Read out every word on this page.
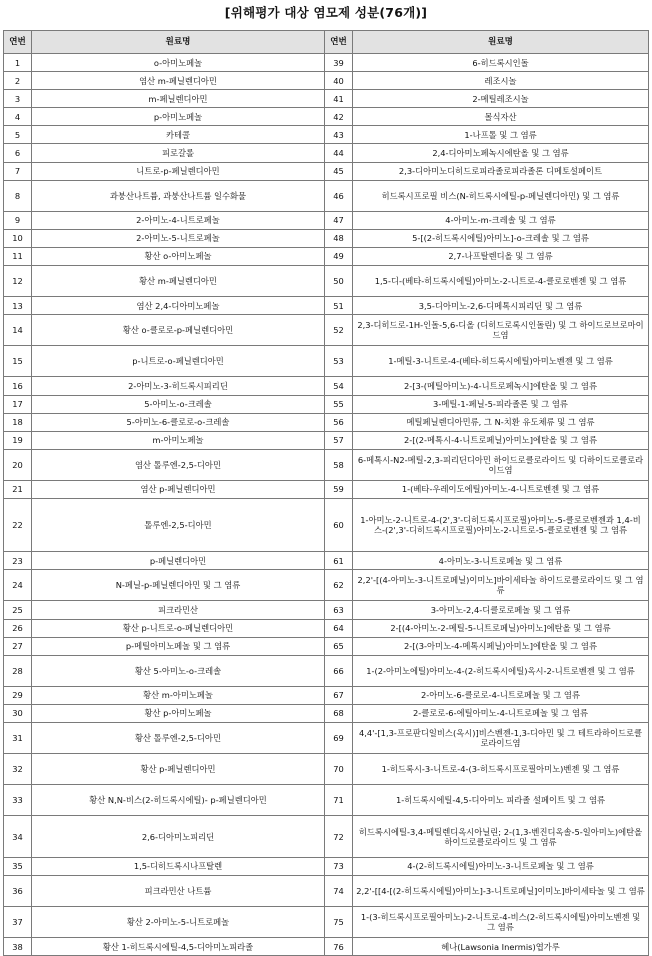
[위해평가 대상 염모제 성분(76개)]
연번	원료명	연번	원료명
1	o-아미노페놀	39	6-히드록시인돌
2	염산 m-페닐렌디아민	40	레조시놀
3	m-페닐렌디아민	41	2-메틸레조시놀
4	p-아미노페놀	42	몰식자산
5	카테콜	43	1-나프톨 및 그 염류
6	피로갈롤	44	2,4-디아미노페녹시에탄올 및 그 염류
7	니트로-p-페닐렌디아민	45	2,3-디아미노디히드로피라졸로피라졸론 디메토설페이트
8	과붕산나트륨, 과붕산나트륨 일수화물	46	히드록시프로필 비스(N-히드록시에틸-p-페닐렌디아민) 및 그 염류
9	2-아미노-4-니트로페놀	47	4-아미노-m-크레솔 및 그 염류
10	2-아미노-5-니트로페놀	48	5-[(2-히드록시에틸)아미노]-o-크레솔 및 그 염류
11	황산 o-아미노페놀	49	2,7-나프탈렌디올 및 그 염류
12	황산 m-페닐렌디아민	50	1,5-디-(베타-히드록시에틸)아미노-2-니트로-4-클로로벤젠 및 그 염류
13	염산 2,4-디아미노페놀	51	3,5-디아미노-2,6-디메톡시피리딘 및 그 염류
14	황산 o-클로로-p-페닐렌디아민	52	2,3-디히드로-1H-인돌-5,6-디올 (디히드로록시인돌린) 및 그 하이드로브로마이드염
15	p-니트로-o-페닐렌디아민	53	1-메틸-3-니트로-4-(베타-히드록시에틸)아미노벤젠 및 그 염류
16	2-아미노-3-히드록시피리딘	54	2-[3-(메틸아미노)-4-니트로페녹시]에탄올 및 그 염류
17	5-아미노-o-크레솔	55	3-메틸-1-페닐-5-피라졸론 및 그 염류
18	5-아미노-6-클로로-o-크레솔	56	메틸페닐렌디아민류, 그 N-치환 유도체류 및 그 염류
19	m-아미노페놀	57	2-[(2-메톡시-4-니트로페닐)아미노]에탄올 및 그 염류
20	염산 톨루엔-2,5-디아민	58	6-메톡시-N2-메틸-2,3-피리딘디아민 하이드로클로라이드 및 디하이드로클로라이드염
21	염산 p-페닐렌디아민	59	1-(베타-우레이도에틸)아미노-4-니트로벤젠 및 그 염류
22	톨루엔-2,5-디아민	60	1-아미노-2-니트로-4-(2',3'-디히드록시프로필)아미노-5-클로로벤젠과 1,4-비스-(2',3'-디히드록시프로필)아미노-2-니트로-5-클로로벤젠 및 그 염류
23	p-페닐렌디아민	61	4-아미노-3-니트로페놀 및 그 염류
24	N-페닐-p-페닐렌디아민 및 그 염류	62	2,2'-[(4-아미노-3-니트로페닐)이미노]바이세타놀 하이드로클로라이드 및 그 염류
25	피크라민산	63	3-아미노-2,4-디클로로페놀 및 그 염류
26	황산 p-니트로-o-페닐렌디아민	64	2-[(4-아미노-2-메틸-5-니트로페닐)아미노]에탄올 및 그 염류
27	p-메틸아미노페놀 및 그 염류	65	2-[(3-아미노-4-메톡시페닐)아미노]에탄올 및 그 염류
28	황산 5-아미노-o-크레솔	66	1-(2-아미노에틸)아미노-4-(2-히드록시에틸)옥시-2-니트로벤젠 및 그 염류
29	황산 m-아미노페놀	67	2-아미노-6-클로로-4-니트로페놀 및 그 염류
30	황산 p-아미노페놀	68	2-클로로-6-에틸아미노-4-니트로페놀 및 그 염류
31	황산 톨루엔-2,5-디아민	69	4,4'-[1,3-프로판디일비스(옥시)]비스벤젠-1,3-디아민 및 그 테트라하이드로클로라이드염
32	황산 p-페닐렌디아민	70	1-히드록시-3-니트로-4-(3-히드록시프로필아미노)벤젠 및 그 염류
33	황산 N,N-비스(2-히드록시에틸)- p-페닐렌디아민	71	1-히드록시에틸-4,5-디아미노 피라졸 설페이트 및 그 염류
34	2,6-디아미노피리딘	72	히드록시에틸-3,4-메틸렌디옥시아닐린; 2-(1,3-벤진디옥솔-5-일아미노)에탄올 하이드로클로라이드 및 그 염류
35	1,5-디히드록시나프탈렌	73	4-(2-히드록시에틸)아미노-3-니트로페놀 및 그 염류
36	피크라민산 나트륨	74	2,2'-[[4-[(2-히드록시에틸)아미노]-3-니트로페닐]이미노]바이세타놀 및 그 염류
37	황산 2-아미노-5-니트로페놀	75	1-(3-히드록시프로필아미노)-2-니트로-4-비스(2-히드록시에틸)아미노벤젠 및 그 염류
38	황산 1-히드록시에틸-4,5-디아미노피라졸	76	헤나(Lawsonia Inermis)엽가루
